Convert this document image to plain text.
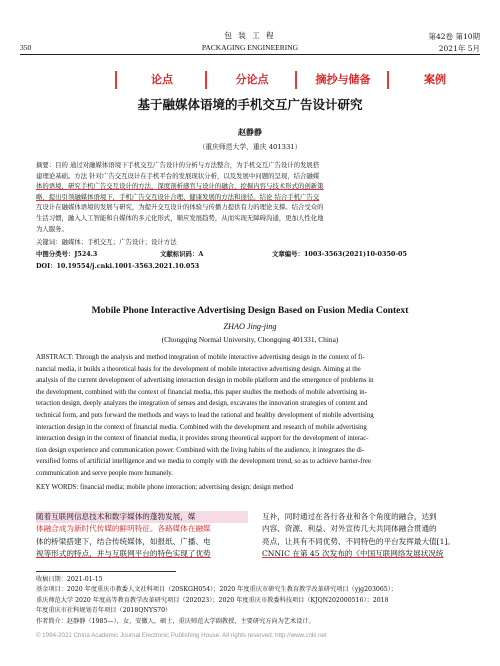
包 装 工 程
PACKAGING ENGINEERING
350
第42卷 第10期
2021年 5月
论点	分论点	摘抄与储备	案例
基于融媒体语境的手机交互广告设计研究
赵静静
（重庆师范大学，重庆 401331）
摘要：目的 通过对融媒体语境下手机交互广告设计的分析与方法整合，为手机交互广告设计的发展搭
建理论基础。方法 针对广告交互设计在手机平台的发展现状分析，以及发展中问题的呈现，结合融媒
体的语境，研究手机广告交互设计的方法，深度剖析感官与设计的融合，挖掘内容与技术形式的创新策
略，提出引领融媒体语境下，手机广告交互设计合理、健康发展的方法和途径。结论 结合手机广告交
互设计在融媒体语境的发展与研究，为提升交互设计的体验与传播力提供有力的理论支撑。结合受众的
生活习惯，融入人工智能和自媒体的多元化形式，顺应发展趋势，从而实现无障碍沟通，更加人性化地
为人服务。
关键词：融媒体；手机交互；广告设计；设计方法
中图分类号：J524.3	文献标识码：A	文章编号：1003-3563(2021)10-0350-05
DOI：10.19554/j.cnki.1001-3563.2021.10.053
Mobile Phone Interactive Advertising Design Based on Fusion Media Context
ZHAO Jing-jing
(Chongqing Normal University, Chongqing 401331, China)
ABSTRACT: Through the analysis and method integration of mobile interactive advertising design in the context of fi-
nancial media, it builds a theoretical basis for the development of mobile interactive advertising design. Aiming at the
analysis of the current development of advertising interaction design in mobile platform and the emergence of problems in
the development, combined with the context of financial media, this paper studies the methods of mobile advertising in-
teraction design, deeply analyzes the integration of senses and design, excavates the innovation strategies of content and
technical form, and puts forward the methods and ways to lead the rational and healthy development of mobile advertising
interaction design in the context of financial media. Combined with the development and research of mobile advertising
interaction design in the context of financial media, it provides strong theoretical support for the development of interac-
tion design experience and communication power. Combined with the living habits of the audience, it integrates the di-
versified forms of artificial intelligence and we media to comply with the development trend, so as to achieve barrier-free
communication and serve people more humanely.
KEY WORDS: financial media; mobile phone interaction; advertising design; design method
随着互联网信息技术和数字媒体的蓬勃发展，媒
体融合成为新时代传媒的鲜明特征。各路媒体在融媒
体的桥梁搭建下，结合传统媒体，如报纸、广播、电
视等形式的特点，并与互联网平台的特色实现了优势
互补，同时通过在各行各业和各个角度的融合，达到
内容、资源、利益、对外宣传几大共同体融合贯通的
亮点，让具有不同优势、不同特色的平台发挥最大值[1]。
CNNIC 在第 45 次发布的《中国互联网络发展状况统
收稿日期：2021-01-15
基金项目：2020 年度重庆市教委人文社科项目（20SKGH054）；2020 年度重庆市研究生教育教学改革研究项目（yjg203065）；
重庆师范大学 2020 年度高等教育教学改革研究项目（202023）；2020 年度重庆市教委科技项目（KJQN202000516）；2018
年度重庆市社科规划青年项目（2018QNYS70）
作者简介：赵静静（1985—），女，安徽人，硕士，重庆师范大学副教授，主要研究方向为艺术设计。
© 1994-2021 China Academic Journal Electronic Publishing House. All rights reserved. http://www.cnki.net
